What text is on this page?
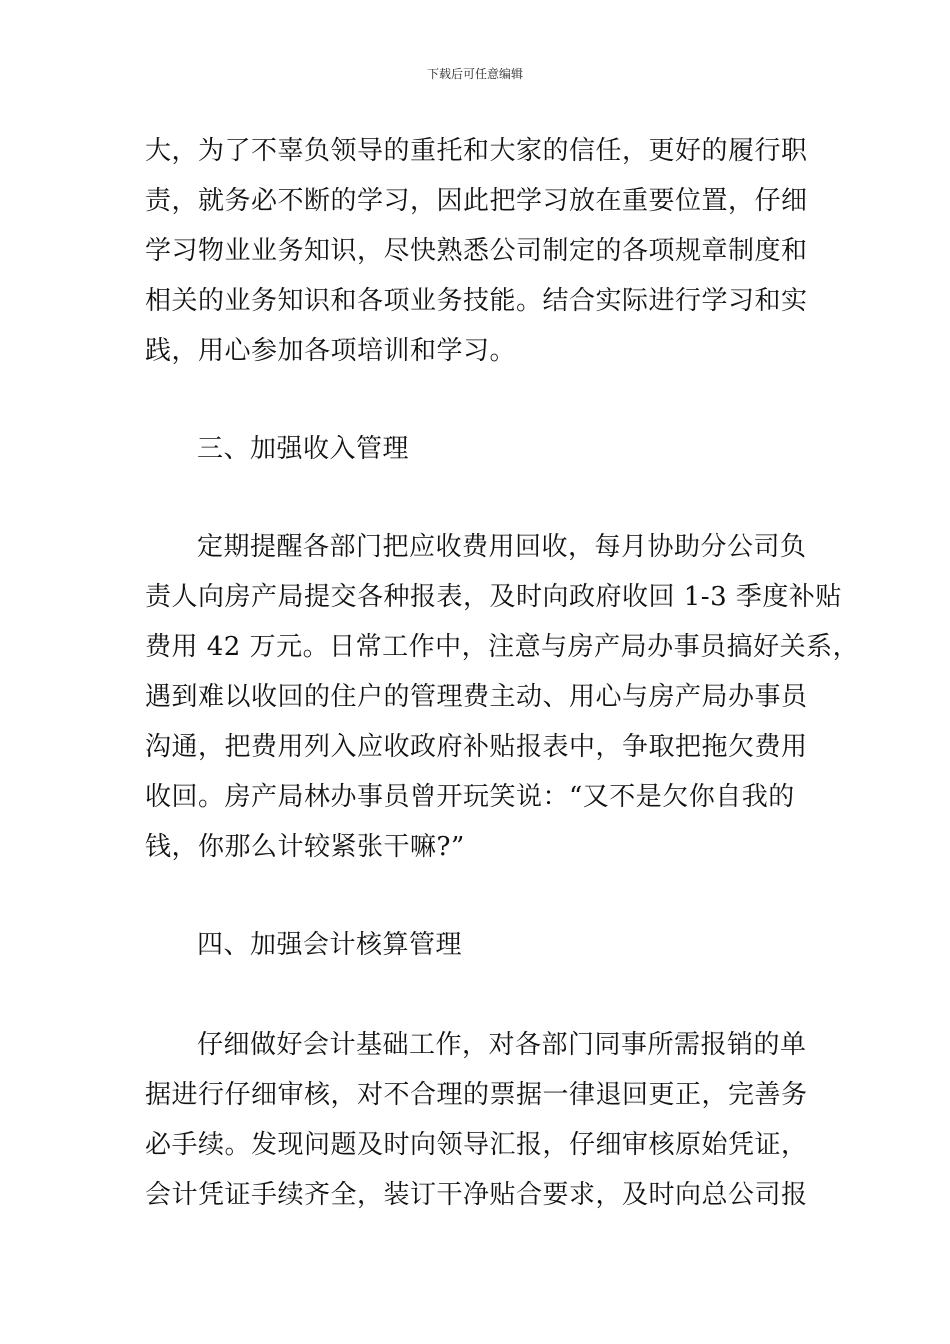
下载后可任意编辑
大，为了不辜负领导的重托和大家的信任，更好的履行职
责，就务必不断的学习，因此把学习放在重要位置，仔细
学习物业业务知识，尽快熟悉公司制定的各项规章制度和
相关的业务知识和各项业务技能。结合实际进行学习和实
践，用心参加各项培训和学习。
三、加强收入管理
定期提醒各部门把应收费用回收，每月协助分公司负
责人向房产局提交各种报表，及时向政府收回 1-3 季度补贴
费用 42 万元。日常工作中，注意与房产局办事员搞好关系，
遇到难以收回的住户的管理费主动、用心与房产局办事员
沟通，把费用列入应收政府补贴报表中，争取把拖欠费用
收回。房产局林办事员曾开玩笑说：“又不是欠你自我的
钱，你那么计较紧张干嘛?”
四、加强会计核算管理
仔细做好会计基础工作，对各部门同事所需报销的单
据进行仔细审核，对不合理的票据一律退回更正，完善务
必手续。发现问题及时向领导汇报，仔细审核原始凭证，
会计凭证手续齐全，装订干净贴合要求，及时向总公司报
